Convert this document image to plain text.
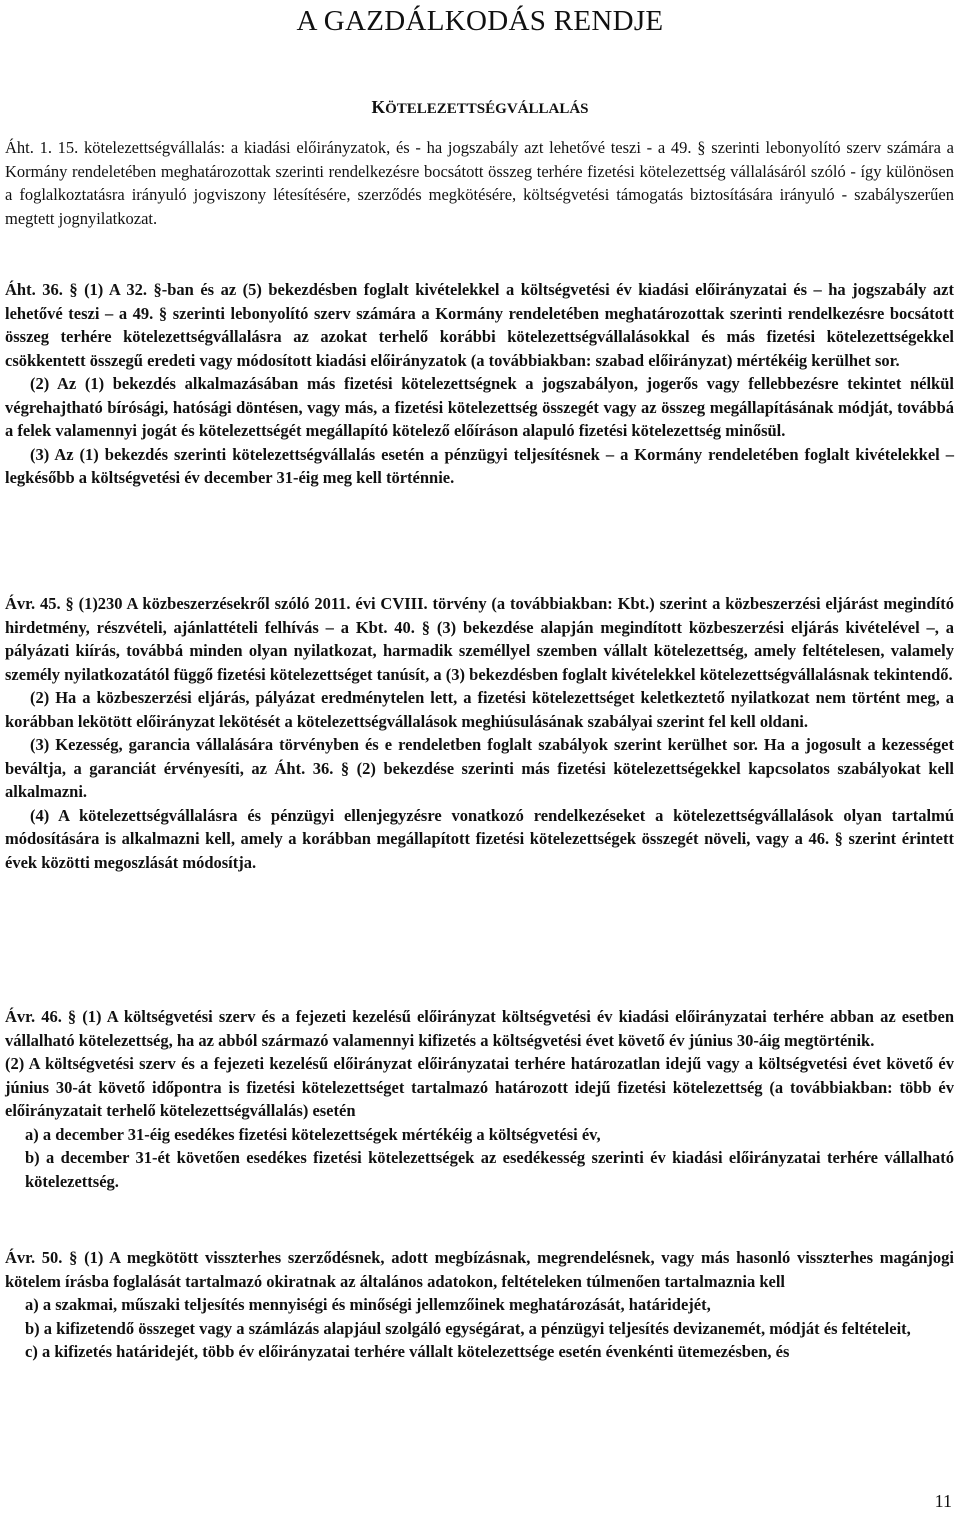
A GAZDÁLKODÁS RENDJE
KÖTELEZETTSÉGVÁLLALÁS

Áht. 1. 15. kötelezettségvállalás: a kiadási előirányzatok, és - ha jogszabály azt lehetővé teszi - a 49. § szerinti lebonyolító szerv számára a Kormány rendeletében meghatározottak szerinti rendelkezésre bocsátott összeg terhére fizetési kötelezettség vállalásáról szóló - így különösen a foglalkoztatásra irányuló jogviszony létesítésére, szerződés megkötésére, költségvetési támogatás biztosítására irányuló - szabályszerűen megtett jognyilatkozat.

Áht. 36. § (1) A 32. §-ban és az (5) bekezdésben foglalt kivételekkel a költségvetési év kiadási előirányzatai és – ha jogszabály azt lehetővé teszi – a 49. § szerinti lebonyolító szerv számára a Kormány rendeletében meghatározottak szerinti rendelkezésre bocsátott összeg terhére kötelezettségvállalásra az azokat terhelő korábbi kötelezettségvállalásokkal és más fizetési kötelezettségekkel csökkentett összegű eredeti vagy módosított kiadási előirányzatok (a továbbiakban: szabad előirányzat) mértékéig kerülhet sor.

(2) Az (1) bekezdés alkalmazásában más fizetési kötelezettségnek a jogszabályon, jogerős vagy fellebbezésre tekintet nélkül végrehajtható bírósági, hatósági döntésen, vagy más, a fizetési kötelezettség összegét vagy az összeg megállapításának módját, továbbá a felek valamennyi jogát és kötelezettségét megállapító kötelező előíráson alapuló fizetési kötelezettség minősül.

(3) Az (1) bekezdés szerinti kötelezettségvállalás esetén a pénzügyi teljesítésnek – a Kormány rendeletében foglalt kivételekkel – legkésőbb a költségvetési év december 31-éig meg kell történnie.

Ávr. 45. § (1)230 A közbeszerzésekről szóló 2011. évi CVIII. törvény (a továbbiakban: Kbt.) szerint a közbeszerzési eljárást megindító hirdetmény, részvételi, ajánlattételi felhívás – a Kbt. 40. § (3) bekezdése alapján megindított közbeszerzési eljárás kivételével –, a pályázati kiírás, továbbá minden olyan nyilatkozat, harmadik személlyel szemben vállalt kötelezettség, amely feltételesen, valamely személy nyilatkozatától függő fizetési kötelezettséget tanúsít, a (3) bekezdésben foglalt kivételekkel kötelezettségvállalásnak tekintendő.

(2) Ha a közbeszerzési eljárás, pályázat eredménytelen lett, a fizetési kötelezettséget keletkeztető nyilatkozat nem történt meg, a korábban lekötött előirányzat lekötését a kötelezettségvállalások meghiúsulásának szabályai szerint fel kell oldani.

(3) Kezesség, garancia vállalására törvényben és e rendeletben foglalt szabályok szerint kerülhet sor. Ha a jogosult a kezességet beváltja, a garanciát érvényesíti, az Áht. 36. § (2) bekezdése szerinti más fizetési kötelezettségekkel kapcsolatos szabályokat kell alkalmazni.

(4) A kötelezettségvállalásra és pénzügyi ellenjegyzésre vonatkozó rendelkezéseket a kötelezettségvállalások olyan tartalmú módosítására is alkalmazni kell, amely a korábban megállapított fizetési kötelezettségek összegét növeli, vagy a 46. § szerint érintett évek közötti megoszlását módosítja.

Ávr. 46. § (1) A költségvetési szerv és a fejezeti kezelésű előirányzat költségvetési év kiadási előirányzatai terhére abban az esetben vállalható kötelezettség, ha az abból származó valamennyi kifizetés a költségvetési évet követő év június 30-áig megtörténik.

(2) A költségvetési szerv és a fejezeti kezelésű előirányzat előirányzatai terhére határozatlan idejű vagy a költségvetési évet követő év június 30-át követő időpontra is fizetési kötelezettséget tartalmazó határozott idejű fizetési kötelezettség (a továbbiakban: több év előirányzatait terhelő kötelezettségvállalás) esetén

a) a december 31-éig esedékes fizetési kötelezettségek mértékéig a költségvetési év,

b) a december 31-ét követően esedékes fizetési kötelezettségek az esedékesség szerinti év kiadási előirányzatai terhére vállalható kötelezettség.

Ávr. 50. § (1) A megkötött visszterhes szerződésnek, adott megbízásnak, megrendelésnek, vagy más hasonló visszterhes magánjogi kötelem írásba foglalását tartalmazó okiratnak az általános adatokon, feltételeken túlmenően tartalmaznia kell

a) a szakmai, műszaki teljesítés mennyiségi és minőségi jellemzőinek meghatározását, határidejét,

b) a kifizetendő összeget vagy a számlázás alapjául szolgáló egységárat, a pénzügyi teljesítés devizanemét, módját és feltételeit,

c) a kifizetés határidejét, több év előirányzatai terhére vállalt kötelezettsége esetén évenkénti ütemezésben, és

11
